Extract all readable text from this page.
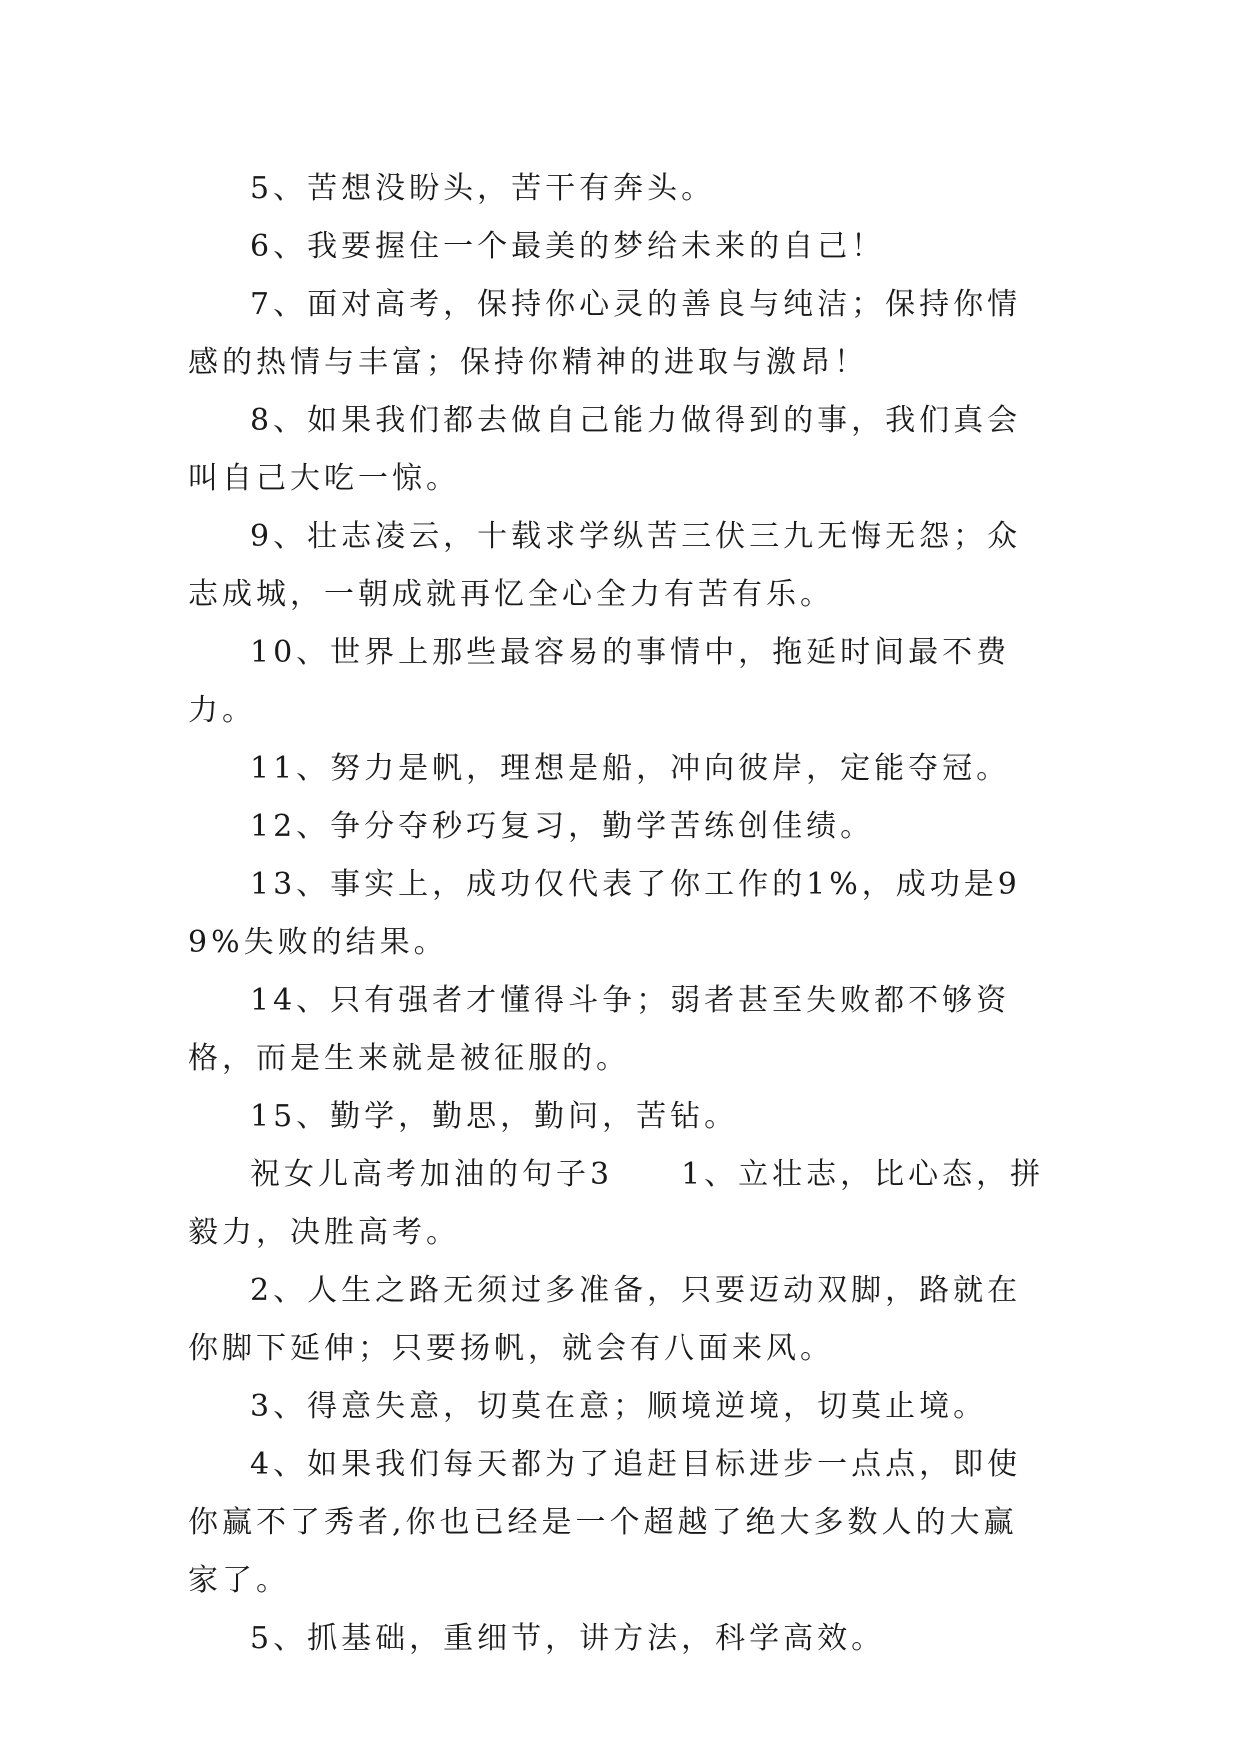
5、苦想没盼头，苦干有奔头。

6、我要握住一个最美的梦给未来的自己！

7、面对高考，保持你心灵的善良与纯洁；保持你情感的热情与丰富；保持你精神的进取与激昂！

8、如果我们都去做自己能力做得到的事，我们真会叫自己大吃一惊。

9、壮志凌云，十载求学纵苦三伏三九无悔无怨；众志成城，一朝成就再忆全心全力有苦有乐。

10、世界上那些最容易的事情中，拖延时间最不费力。

11、努力是帆，理想是船，冲向彼岸，定能夺冠。

12、争分夺秒巧复习，勤学苦练创佳绩。

13、事实上，成功仅代表了你工作的1%，成功是99%失败的结果。

14、只有强者才懂得斗争；弱者甚至失败都不够资格，而是生来就是被征服的。

15、勤学，勤思，勤问，苦钻。

祝女儿高考加油的句子3　　1、立壮志，比心态，拼毅力，决胜高考。

2、人生之路无须过多准备，只要迈动双脚，路就在你脚下延伸；只要扬帆，就会有八面来风。

3、得意失意，切莫在意；顺境逆境，切莫止境。

4、如果我们每天都为了追赶目标进步一点点，即使你赢不了秀者,你也已经是一个超越了绝大多数人的大赢家了。

5、抓基础，重细节，讲方法，科学高效。
